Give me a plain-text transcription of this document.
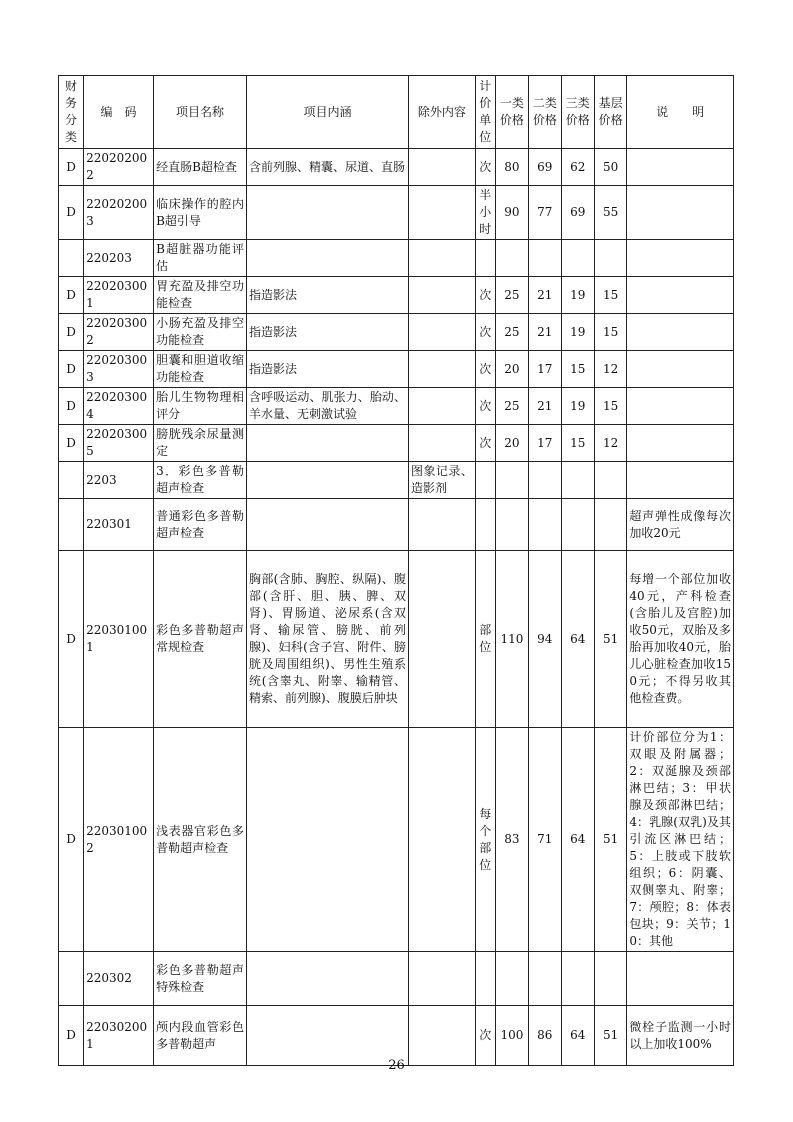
财务分类	编　码	项目名称	项目内涵	除外内容	计价单位	一类价格	二类价格	三类价格	基层价格	说　　明
D	220202002	经直肠B超检查	含前列腺、精囊、尿道、直肠		次	80	69	62	50	
D	220202003	临床操作的腔内B超引导			半小时	90	77	69	55	
	220203	B超脏器功能评估								
D	220203001	胃充盈及排空功能检查	指造影法		次	25	21	19	15	
D	220203002	小肠充盈及排空功能检查	指造影法		次	25	21	19	15	
D	220203003	胆囊和胆道收缩功能检查	指造影法		次	20	17	15	12	
D	220203004	胎儿生物物理相评分	含呼吸运动、肌张力、胎动、羊水量、无刺激试验		次	25	21	19	15	
D	220203005	膀胱残余尿量测定			次	20	17	15	12	
	2203	3．彩色多普勒超声检查		图象记录、造影剂						
	220301	普通彩色多普勒超声检查								超声弹性成像每次加收20元
D	220301001	彩色多普勒超声常规检查	胸部(含肺、胸腔、纵隔)、腹部(含肝、胆、胰、脾、双肾)、胃肠道、泌尿系(含双肾、输尿管、膀胱、前列腺)、妇科(含子宫、附件、膀胱及周围组织)、男性生殖系统(含睾丸、附睾、输精管、精索、前列腺)、腹膜后肿块		部位	110	94	64	51	每增一个部位加收40元，产科检查(含胎儿及宫腔)加收50元，双胎及多胎再加收40元，胎儿心脏检查加收150元；不得另收其他检查费。
D	220301002	浅表器官彩色多普勒超声检查			每个部位	83	71	64	51	计价部位分为1：双眼及附属器；2：双涎腺及颈部淋巴结；3：甲状腺及颈部淋巴结；4：乳腺(双乳)及其引流区淋巴结；5：上肢或下肢软组织；6：阴囊、双侧睾丸、附睾；7：颅腔；8：体表包块；9：关节；10：其他
	220302	彩色多普勒超声特殊检查								
D	220302001	颅内段血管彩色多普勒超声			次	100	86	64	51	微栓子监测一小时以上加收100%
26
